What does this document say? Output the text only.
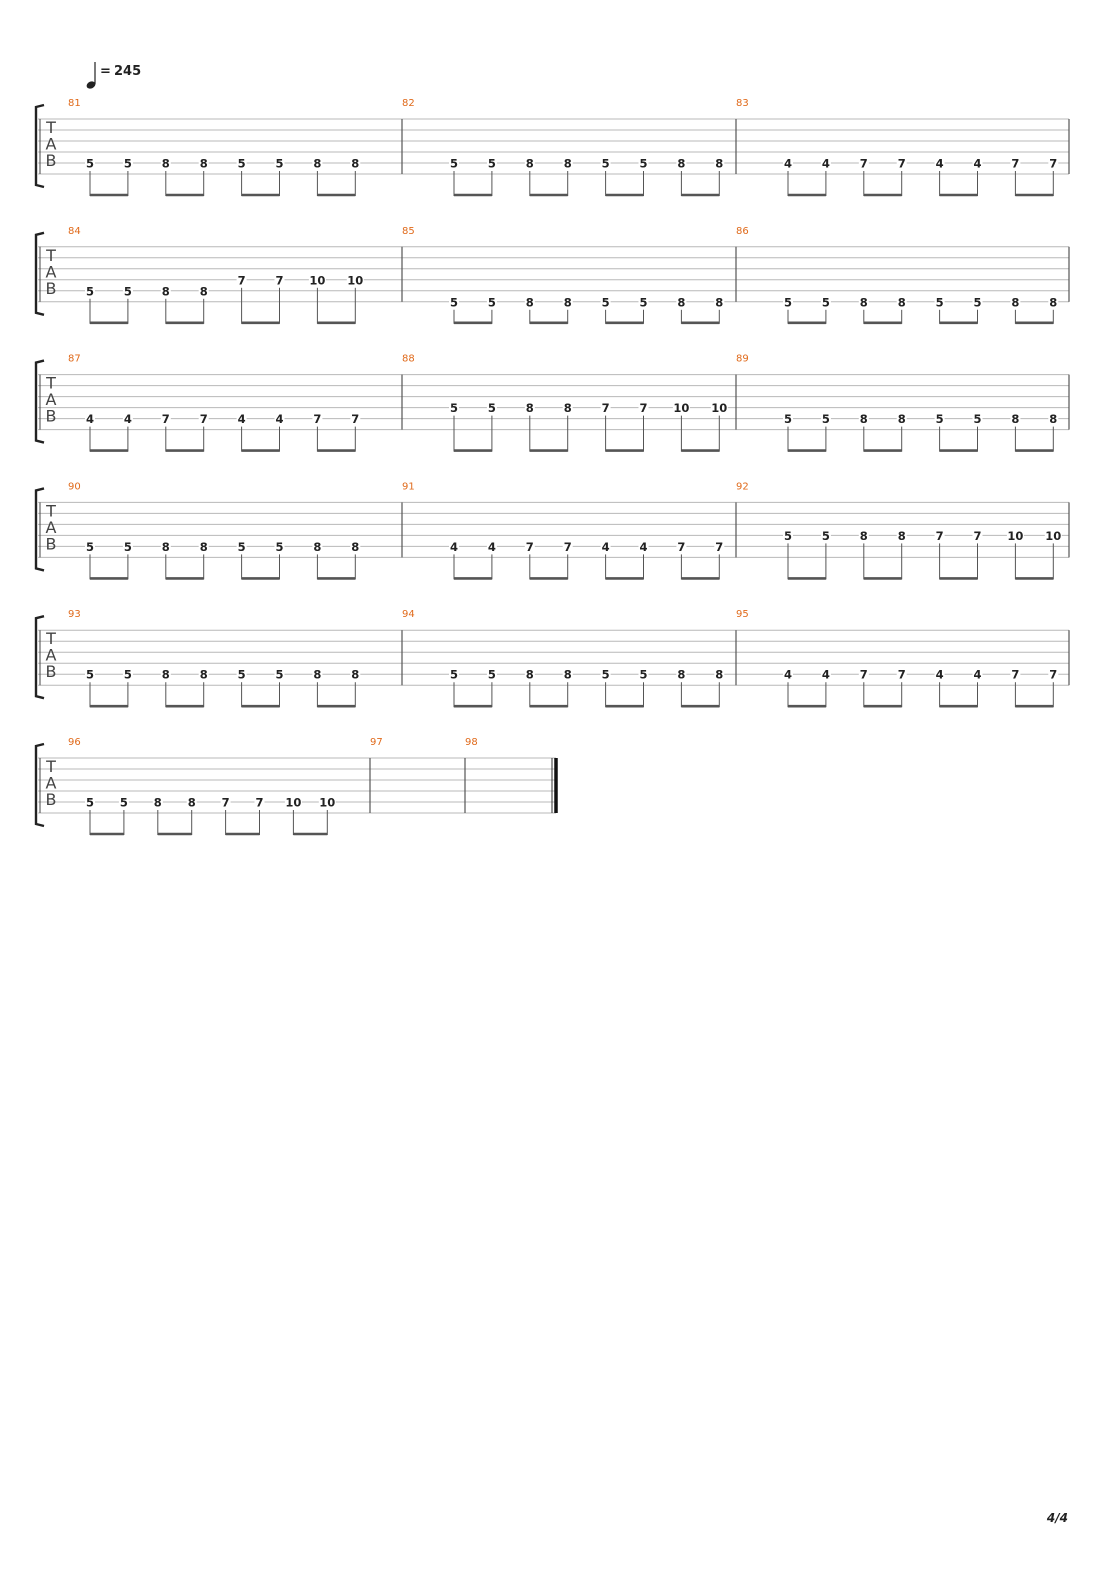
= 245
T
A
B
81
5	5	8	8	5	5	8	8
82
5	5	8	8	5	5	8	8
83
4	4	7	7	4	4	7	7
T
A
B
84
5	5	8	8
7	7 10 10
85
5	5	8	8	5	5	8	8
86
5	5	8	8	5	5	8	8
T
A
B
87
4	4	7	7	4	4	7	7
88
5	5	8	8	7	7 10 10
89
5	5	8	8	5	5	8	8
T
A
B
90
5	5	8	8	5	5	8	8
91
4	4	7	7	4	4	7	7
92
5	5	8	8	7	7 10 10
T
A
B
93
5	5	8	8	5	5	8	8
94
5	5	8	8	5	5	8	8
95
4	4	7	7	4	4	7	7
T
A
B
96
5 5 8 8 7 7 10 10
97	98
4/4
